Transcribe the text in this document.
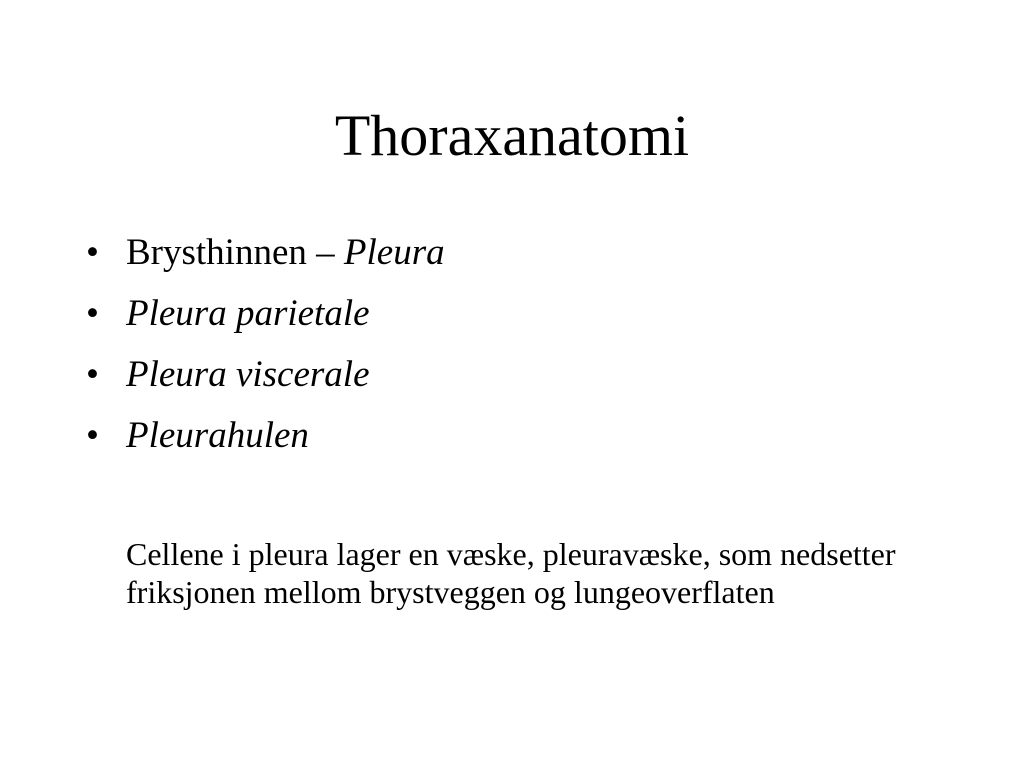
Thoraxanatomi
• Brysthinnen – Pleura
• Pleura parietale
• Pleura viscerale
• Pleurahulen

Cellene i pleura lager en væske, pleuravæske, som nedsetter friksjonen mellom brystveggen og lungeoverflaten
